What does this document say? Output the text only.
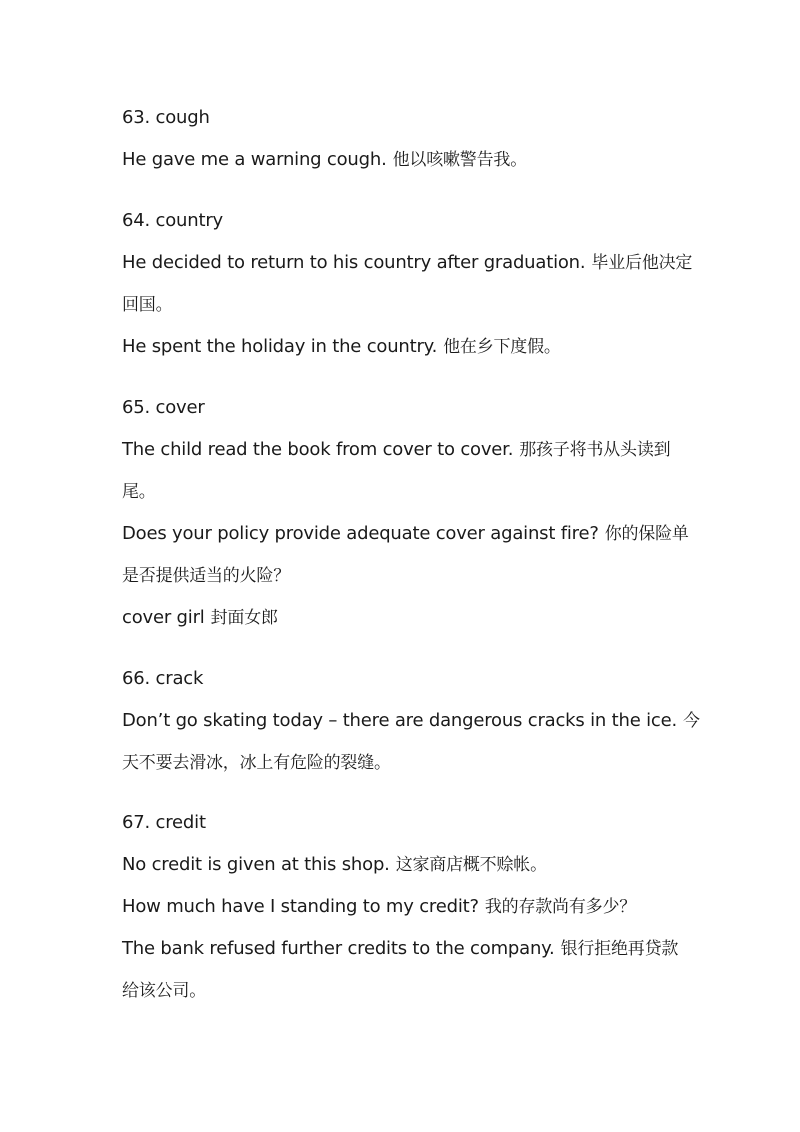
63. cough
He gave me a warning cough. 他以咳嗽警告我。
64. country
He decided to return to his country after graduation. 毕业后他决定
回国。
He spent the holiday in the country. 他在乡下度假。
65. cover
The child read the book from cover to cover. 那孩子将书从头读到
尾。
Does your policy provide adequate cover against fire? 你的保险单
是否提供适当的火险？
cover girl 封面女郎
66. crack
Don’t go skating today – there are dangerous cracks in the ice. 今
天不要去滑冰，冰上有危险的裂缝。
67. credit
No credit is given at this shop. 这家商店概不赊帐。
How much have I standing to my credit? 我的存款尚有多少？
The bank refused further credits to the company. 银行拒绝再贷款
给该公司。
